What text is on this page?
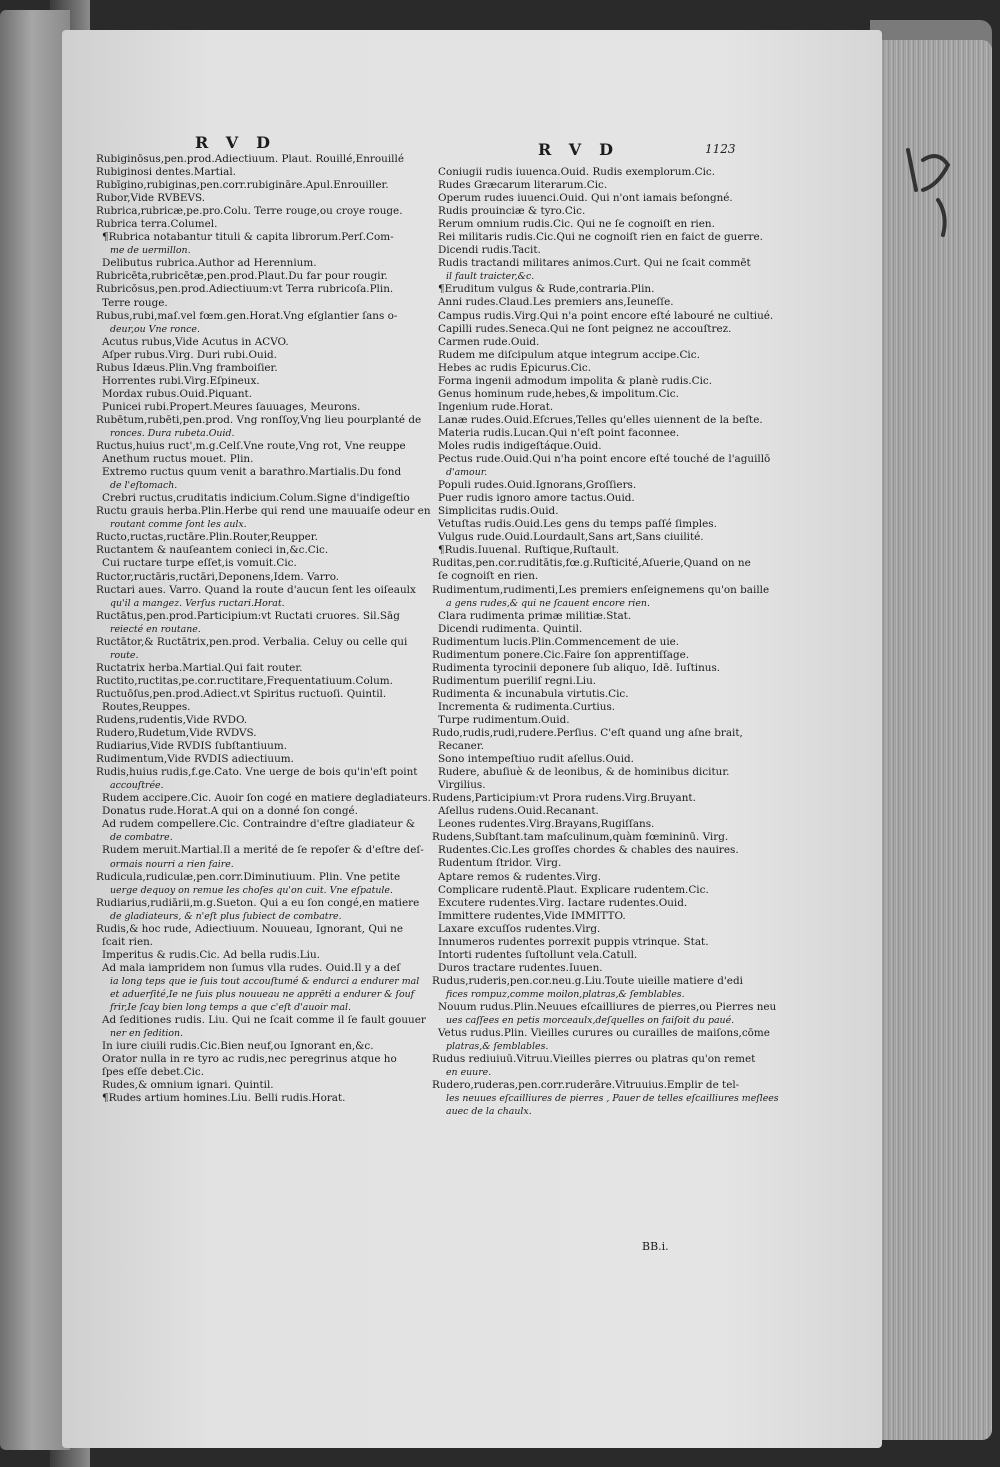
RVD	RVD	1123
Rubiginōsus,pen.prod.Adiectiuum. Plaut. Rouillé,Enrouillé
Rubiginosi dentes.Martial.
Rubīgino,rubiginas,pen.corr.rubigināre.Apul.Enrouiller.
Rubor,Vide RVBEVS.
Rubrica,rubricæ,pe.pro.Colu. Terre rouge,ou croye rouge.
Rubrica terra.Columel.
¶Rubrica notabantur tituli & capita librorum.Perſ.Com-
me de uermillon.
Delibutus rubrica.Author ad Herennium.
Rubricēta,rubricētæ,pen.prod.Plaut.Du far pour rougir.
Rubricōsus,pen.prod.Adiectiuum:vt Terra rubricoſa.Plin.
Terre rouge.
Rubus,rubi,maſ.vel fœm.gen.Horat.Vng eſglantier ſans o-
deur,ou Vne ronce.
Acutus rubus,Vide Acutus in ACVO.
Aſper rubus.Virg. Duri rubi.Ouid.
Rubus Idæus.Plin.Vng framboiſier.
Horrentes rubi.Virg.Eſpineux.
Mordax rubus.Ouid.Piquant.
Punicei rubi.Propert.Meures ſauuages, Meurons.
Rubētum,rubēti,pen.prod. Vng ronſſoy,Vng lieu pourplanté de
ronces. Dura rubeta.Ouid.
Ructus,huius ruct',m.g.Celſ.Vne route,Vng rot, Vne reuppe
Anethum ructus mouet. Plin.
Extremo ructus quum venit a barathro.Martialis.Du fond
de l'eſtomach.
Crebri ructus,cruditatis indicium.Colum.Signe d'indigeſtio
Ructu grauis herba.Plin.Herbe qui rend une mauuaiſe odeur en
routant comme ſont les aulx.
Ructo,ructas,ructāre.Plin.Router,Reupper.
Ructantem & nauſeantem conieci in,&c.Cic.
Cui ructare turpe eſſet,is vomuit.Cic.
Ructor,ructāris,ructāri,Deponens,Idem. Varro.
Ructari aues. Varro. Quand la route d'aucun ſent les oiſeaulx
qu'il a mangez. Verſus ructari.Horat.
Ructātus,pen.prod.Participium:vt Ructati cruores. Sil.Sāg
reiecté en routane.
Ructātor,& Ructātrix,pen.prod. Verbalia. Celuy ou celle qui
route.
Ructatrix herba.Martial.Qui fait router.
Ructito,ructitas,pe.cor.ructitare,Frequentatiuum.Colum.
Ructuōſus,pen.prod.Adiect.vt Spiritus ructuoſi. Quintil.
Routes,Reuppes.
Rudens,rudentis,Vide RVDO.
Rudero,Rudetum,Vide RVDVS.
Rudiarius,Vide RVDIS ſubſtantiuum.
Rudimentum,Vide RVDIS adiectiuum.
Rudis,huius rudis,f.ge.Cato. Vne uerge de bois qu'in'eſt point
accouſtrée.
Rudem accipere.Cic. Auoir ſon cogé en matiere degladiateurs.
Donatus rude.Horat.A qui on a donné ſon congé.
Ad rudem compellere.Cic. Contraindre d'eſtre gladiateur &
de combatre.
Rudem meruit.Martial.Il a merité de ſe repoſer & d'eſtre deſ-
ormais nourri a rien faire.
Rudicula,rudiculæ,pen.corr.Diminutiuum. Plin. Vne petite
uerge dequoy on remue les choſes qu'on cuit. Vne eſpatule.
Rudiarius,rudiārii,m.g.Sueton. Qui a eu ſon congé,en matiere
de gladiateurs, & n'eſt plus ſubiect de combatre.
Rudis,& hoc rude, Adiectiuum. Nouueau, Ignorant, Qui ne
ſcait rien.
Imperitus & rudis.Cic. Ad bella rudis.Liu.
Ad mala iampridem non ſumus vlla rudes. Ouid.Il y a deſ
ia long teps que ie ſuis tout accouſtumé & endurci a endurer mal
et aduerſité,Ie ne ſuis plus nouueau ne apprēti a endurer & ſouf
frir,Ie ſcay bien long temps a que c'eſt d'auoir mal.
Ad ſeditiones rudis. Liu. Qui ne ſcait comme il ſe fault gouuer
ner en ſedition.
In iure ciuili rudis.Cic.Bien neuf,ou Ignorant en,&c.
Orator nulla in re tyro ac rudis,nec peregrinus atque ho
ſpes eſſe debet.Cic.
Rudes,& omnium ignari. Quintil.
¶Rudes artium homines.Liu. Belli rudis.Horat.
Coniugii rudis iuuenca.Ouid. Rudis exemplorum.Cic.
Rudes Græcarum literarum.Cic.
Operum rudes iuuenci.Ouid. Qui n'ont iamais beſongné.
Rudis prouinciæ & tyro.Cic.
Rerum omnium rudis.Cic. Qui ne ſe cognoiſt en rien.
Rei militaris rudis.Cic.Qui ne cognoiſt rien en faict de guerre.
Dicendi rudis.Tacit.
Rudis tractandi militares animos.Curt. Qui ne ſcait commēt
il fault traicter,&c.
¶Eruditum vulgus & Rude,contraria.Plin.
Anni rudes.Claud.Les premiers ans,Ieuneſſe.
Campus rudis.Virg.Qui n'a point encore eſté labouré ne cultiué.
Capilli rudes.Seneca.Qui ne ſont peignez ne accouſtrez.
Carmen rude.Ouid.
Rudem me diſcipulum atque integrum accipe.Cic.
Hebes ac rudis Epicurus.Cic.
Forma ingenii admodum impolita & planè rudis.Cic.
Genus hominum rude,hebes,& impolitum.Cic.
Ingenium rude.Horat.
Lanæ rudes.Ouid.Eſcrues,Telles qu'elles uiennent de la beſte.
Materia rudis.Lucan.Qui n'eſt point faconnee.
Moles rudis indigeſtáque.Ouid.
Pectus rude.Ouid.Qui n'ha point encore eſté touché de l'aguillō
d'amour.
Populi rudes.Ouid.Ignorans,Groſſiers.
Puer rudis ignoro amore tactus.Ouid.
Simplicitas rudis.Ouid.
Vetuſtas rudis.Ouid.Les gens du temps paſſé ſimples.
Vulgus rude.Ouid.Lourdault,Sans art,Sans ciuilité.
¶Rudis.Iuuenal. Ruſtique,Ruſtault.
Ruditas,pen.cor.ruditātis,fœ.g.Ruſticité,Aſuerie,Quand on ne
ſe cognoiſt en rien.
Rudimentum,rudimenti,Les premiers enſeignemens qu'on baille
a gens rudes,& qui ne ſcauent encore rien.
Clara rudimenta primæ militiæ.Stat.
Dicendi rudimenta. Quintil.
Rudimentum lucis.Plin.Commencement de uie.
Rudimentum ponere.Cic.Faire ſon apprentiſſage.
Rudimenta tyrocinii deponere ſub aliquo, Idē. Iuſtinus.
Rudimentum pueriliſ regni.Liu.
Rudimenta & incunabula virtutis.Cic.
Incrementa & rudimenta.Curtius.
Turpe rudimentum.Ouid.
Rudo,rudis,rudi,rudere.Perſius. C'eſt quand ung aſne brait,
Recaner.
Sono intempeſtiuo rudit aſellus.Ouid.
Rudere, abuſiuè & de leonibus, & de hominibus dicitur.
Virgilius.
Rudens,Participium:vt Prora rudens.Virg.Bruyant.
Aſellus rudens.Ouid.Recanant.
Leones rudentes.Virg.Brayans,Rugiſſans.
Rudens,Subſtant.tam maſculinum,quàm fœmininū. Virg.
Rudentes.Cic.Les groſſes chordes & chables des nauires.
Rudentum ſtridor. Virg.
Aptare remos & rudentes.Virg.
Complicare rudentē.Plaut. Explicare rudentem.Cic.
Excutere rudentes.Virg. Iactare rudentes.Ouid.
Immittere rudentes,Vide IMMITTO.
Laxare excuſſos rudentes.Virg.
Innumeros rudentes porrexit puppis vtrinque. Stat.
Intorti rudentes ſuſtollunt vela.Catull.
Duros tractare rudentes.Iuuen.
Rudus,ruderis,pen.cor.neu.g.Liu.Toute uieille matiere d'edi
fices rompuz,comme moilon,platras,& ſemblables.
Nouum rudus.Plin.Neuues eſcailliures de pierres,ou Pierres neu
ues caſſees en petis morceaulx,deſquelles on faiſoit du paué.
Vetus rudus.Plin. Vieilles curures ou curailles de maiſons,cōme
platras,& ſemblables.
Rudus rediuiuū.Vitruu.Vieilles pierres ou platras qu'on remet
en euure.
Rudero,ruderas,pen.corr.ruderāre.Vitruuius.Emplir de tel-
les neuues eſcailliures de pierres , Pauer de telles eſcailliures meſlees
auec de la chaulx.
BB.i.
